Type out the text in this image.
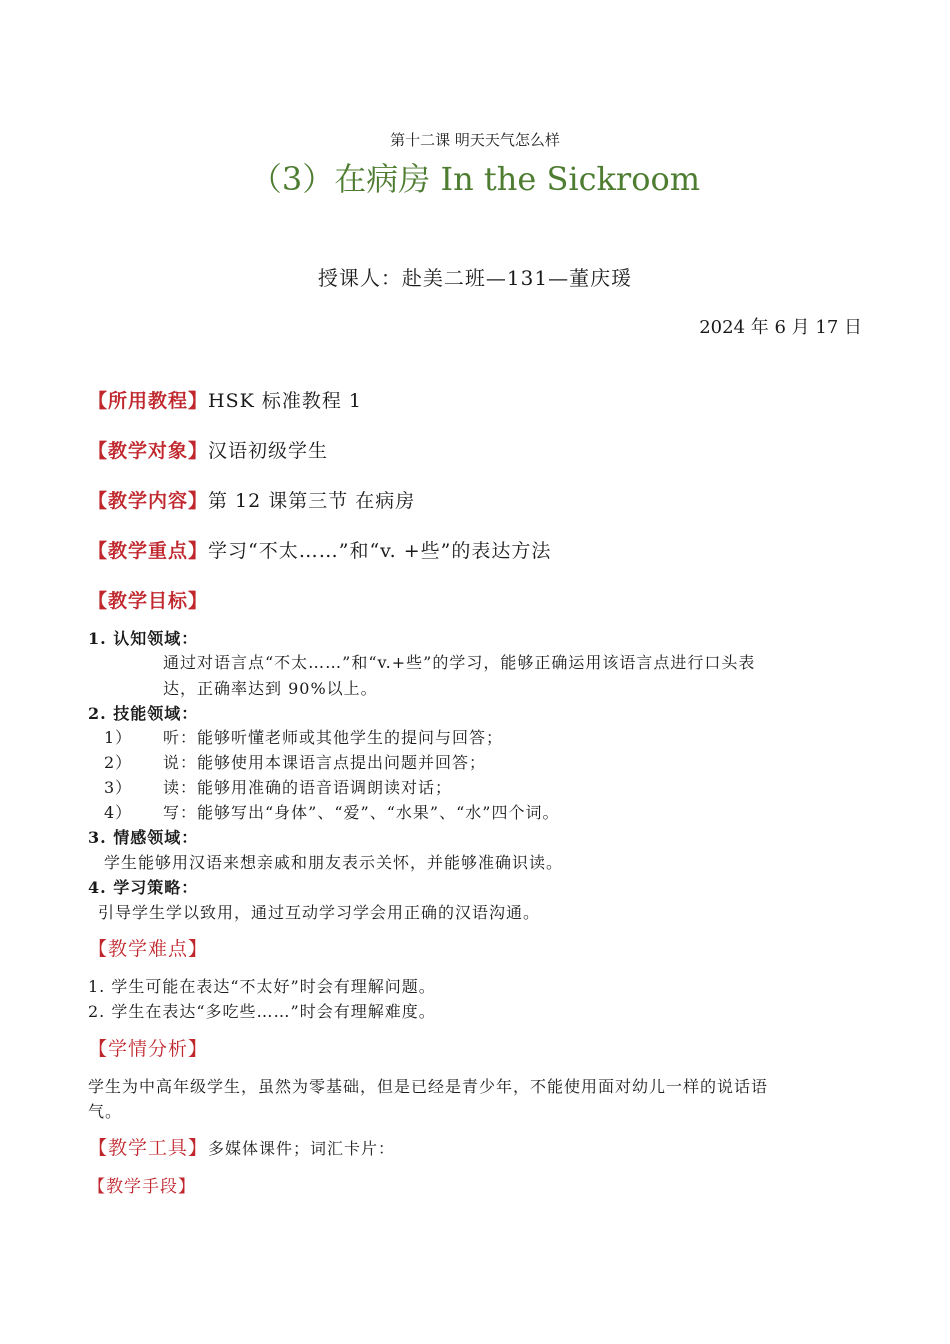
第十二课 明天天气怎么样
（3）在病房 In the Sickroom
授课人：赴美二班—131—董庆瑗
2024 年 6 月 17 日
【所用教程】HSK 标准教程 1
【教学对象】汉语初级学生
【教学内容】第 12 课第三节 在病房
【教学重点】学习“不太……”和“v. +些”的表达方法
【教学目标】
1. 认知领域：
通过对语言点“不太……”和“v.+些”的学习，能够正确运用该语言点进行口头表
达，正确率达到 90%以上。
2. 技能领域：
1） 听：能够听懂老师或其他学生的提问与回答；
2） 说：能够使用本课语言点提出问题并回答；
3） 读：能够用准确的语音语调朗读对话；
4） 写：能够写出“身体”、“爱”、“水果”、“水”四个词。
3. 情感领域：
学生能够用汉语来想亲戚和朋友表示关怀，并能够准确识读。
4. 学习策略：
引导学生学以致用，通过互动学习学会用正确的汉语沟通。
【教学难点】
1. 学生可能在表达“不太好”时会有理解问题。
2. 学生在表达“多吃些……”时会有理解难度。
【学情分析】
学生为中高年级学生，虽然为零基础，但是已经是青少年，不能使用面对幼儿一样的说话语
气。
【教学工具】多媒体课件；词汇卡片：
【教学手段】
